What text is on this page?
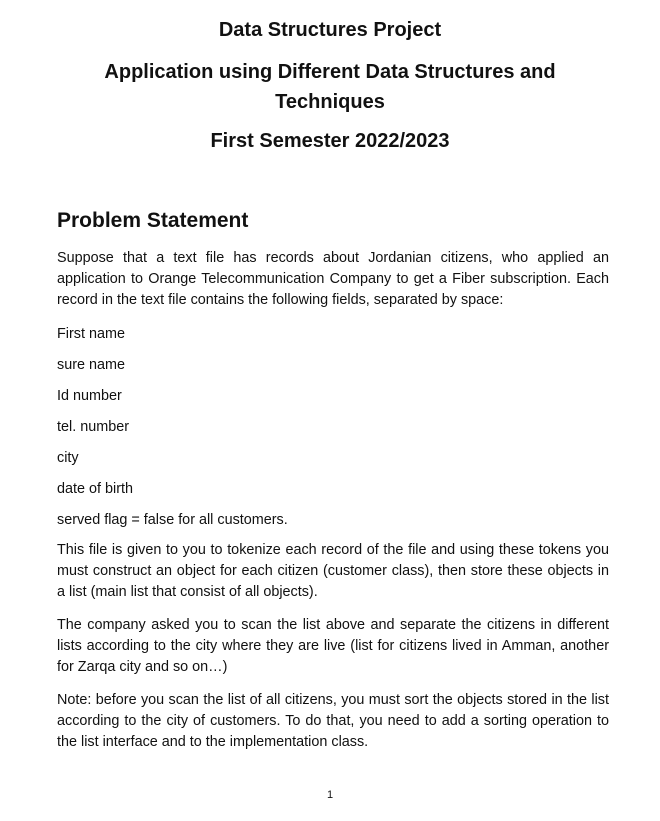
Data Structures Project
Application using Different Data Structures and Techniques
First Semester 2022/2023
Problem Statement

Suppose that a text file has records about Jordanian citizens, who applied an application to Orange Telecommunication Company to get a Fiber subscription. Each record in the text file contains the following fields, separated by space:

First name

sure name

Id number

tel. number

city

date of birth

served flag = false for all customers.

This file is given to you to tokenize each record of the file and using these tokens you must construct an object for each citizen (customer class), then store these objects in a list (main list that consist of all objects).

The company asked you to scan the list above and separate the citizens in different lists according to the city where they are live (list for citizens lived in Amman, another for Zarqa city and so on…)

Note: before you scan the list of all citizens, you must sort the objects stored in the list according to the city of customers. To do that, you need to add a sorting operation to the list interface and to the implementation class.

1
